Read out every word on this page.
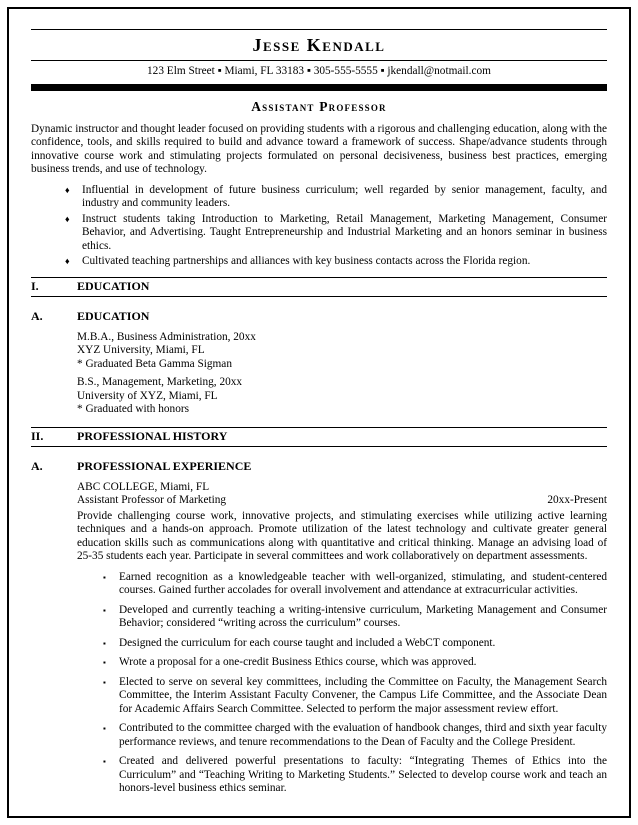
Jesse Kendall
123 Elm Street ▪ Miami, FL 33183 ▪ 305-555-5555 ▪ jkendall@notmail.com
Assistant Professor

Dynamic instructor and thought leader focused on providing students with a rigorous and challenging education, along with the confidence, tools, and skills required to build and advance toward a framework of success. Shape/advance students through innovative course work and stimulating projects formulated on personal decisiveness, business best practices, emerging business trends, and use of technology.

♦	Influential in development of future business curriculum; well regarded by senior management, faculty, and industry and community leaders.
♦	Instruct students taking Introduction to Marketing, Retail Management, Marketing Management, Consumer Behavior, and Advertising. Taught Entrepreneurship and Industrial Marketing and an honors seminar in business ethics.
♦	Cultivated teaching partnerships and alliances with key business contacts across the Florida region.
I.	EDUCATION
A.	EDUCATION
M.B.A., Business Administration, 20xx
XYZ University, Miami, FL
* Graduated Beta Gamma Sigman
B.S., Management, Marketing, 20xx
University of XYZ, Miami, FL
* Graduated with honors
II.	PROFESSIONAL HISTORY
A.	PROFESSIONAL EXPERIENCE
ABC COLLEGE, Miami, FL
Assistant Professor of Marketing	20xx-Present

Provide challenging course work, innovative projects, and stimulating exercises while utilizing active learning techniques and a hands-on approach. Promote utilization of the latest technology and cultivate greater general education skills such as communications along with quantitative and critical thinking. Manage an advising load of 25-35 students each year. Participate in several committees and work collaboratively on department assessments.

▪	Earned recognition as a knowledgeable teacher with well-organized, stimulating, and student-centered courses. Gained further accolades for overall involvement and attendance at extracurricular activities.
▪	Developed and currently teaching a writing-intensive curriculum, Marketing Management and Consumer Behavior; considered “writing across the curriculum” courses.
▪	Designed the curriculum for each course taught and included a WebCT component.
▪	Wrote a proposal for a one-credit Business Ethics course, which was approved.
▪	Elected to serve on several key committees, including the Committee on Faculty, the Management Search Committee, the Interim Assistant Faculty Convener, the Campus Life Committee, and the Associate Dean for Academic Affairs Search Committee. Selected to perform the major assessment review effort.
▪	Contributed to the committee charged with the evaluation of handbook changes, third and sixth year faculty performance reviews, and tenure recommendations to the Dean of Faculty and the College President.
▪	Created and delivered powerful presentations to faculty: “Integrating Themes of Ethics into the Curriculum” and “Teaching Writing to Marketing Students.” Selected to develop course work and teach an honors-level business ethics seminar.
